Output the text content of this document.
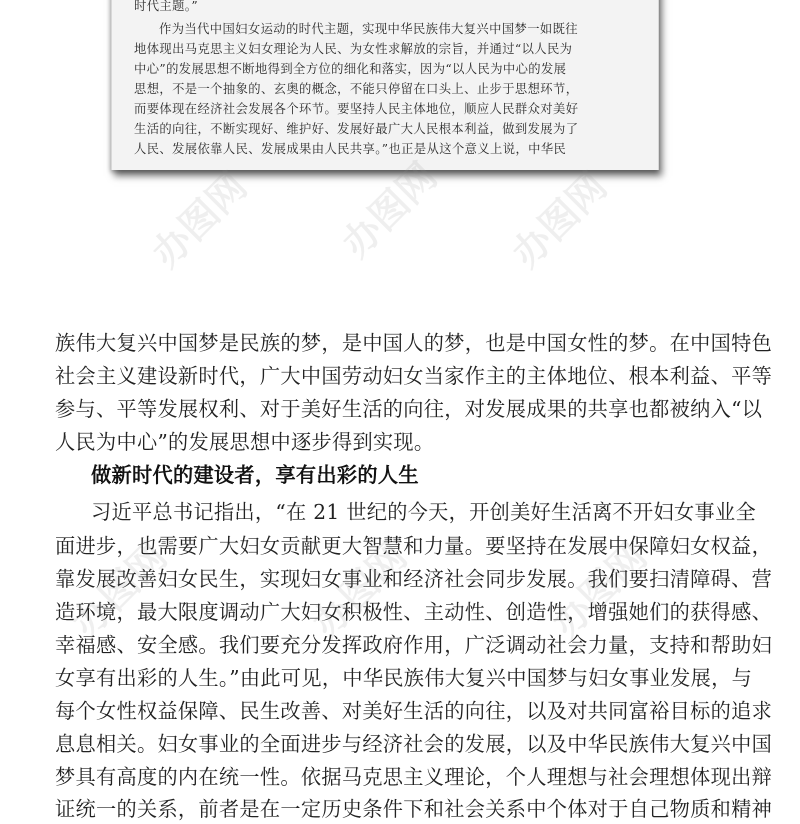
时代主题。”
作为当代中国妇女运动的时代主题，实现中华民族伟大复兴中国梦一如既往
地体现出马克思主义妇女理论为人民、为女性求解放的宗旨，并通过“以人民为
中心”的发展思想不断地得到全方位的细化和落实，因为“以人民为中心的发展
思想，不是一个抽象的、玄奥的概念，不能只停留在口头上、止步于思想环节，
而要体现在经济社会发展各个环节。要坚持人民主体地位，顺应人民群众对美好
生活的向往，不断实现好、维护好、发展好最广大人民根本利益，做到发展为了
人民、发展依靠人民、发展成果由人民共享。”也正是从这个意义上说，中华民
族伟大复兴中国梦是民族的梦，是中国人的梦，也是中国女性的梦。在中国特色
社会主义建设新时代，广大中国劳动妇女当家作主的主体地位、根本利益、平等
参与、平等发展权利、对于美好生活的向往，对发展成果的共享也都被纳入“以
人民为中心”的发展思想中逐步得到实现。
做新时代的建设者，享有出彩的人生
习近平总书记指出，“在 21 世纪的今天，开创美好生活离不开妇女事业全
面进步，也需要广大妇女贡献更大智慧和力量。要坚持在发展中保障妇女权益，
靠发展改善妇女民生，实现妇女事业和经济社会同步发展。我们要扫清障碍、营
造环境，最大限度调动广大妇女积极性、主动性、创造性，增强她们的获得感、
幸福感、安全感。我们要充分发挥政府作用，广泛调动社会力量，支持和帮助妇
女享有出彩的人生。”由此可见，中华民族伟大复兴中国梦与妇女事业发展，与
每个女性权益保障、民生改善、对美好生活的向往，以及对共同富裕目标的追求
息息相关。妇女事业的全面进步与经济社会的发展，以及中华民族伟大复兴中国
梦具有高度的内在统一性。依据马克思主义理论，个人理想与社会理想体现出辩
证统一的关系，前者是在一定历史条件下和社会关系中个体对于自己物质和精神
办图网 办图网 办图网
办图网	办图网	办图网
